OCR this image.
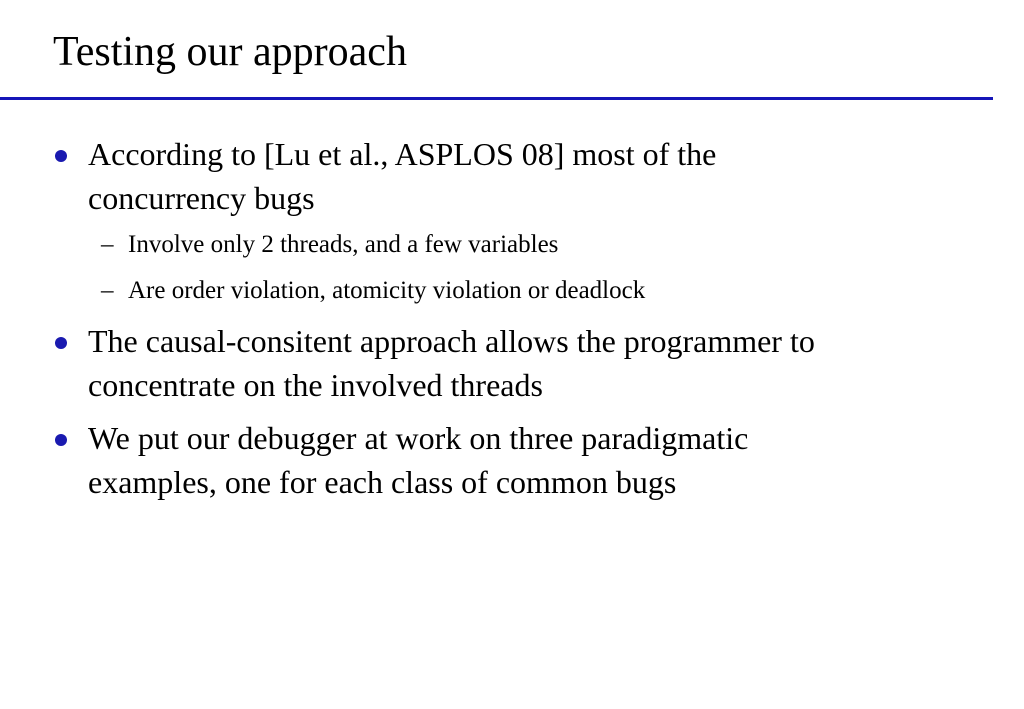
Testing our approach
According to [Lu et al., ASPLOS 08] most of the
concurrency bugs
– Involve only 2 threads, and a few variables
– Are order violation, atomicity violation or deadlock
The causal-consitent approach allows the programmer to
concentrate on the involved threads
We put our debugger at work on three paradigmatic
examples, one for each class of common bugs
